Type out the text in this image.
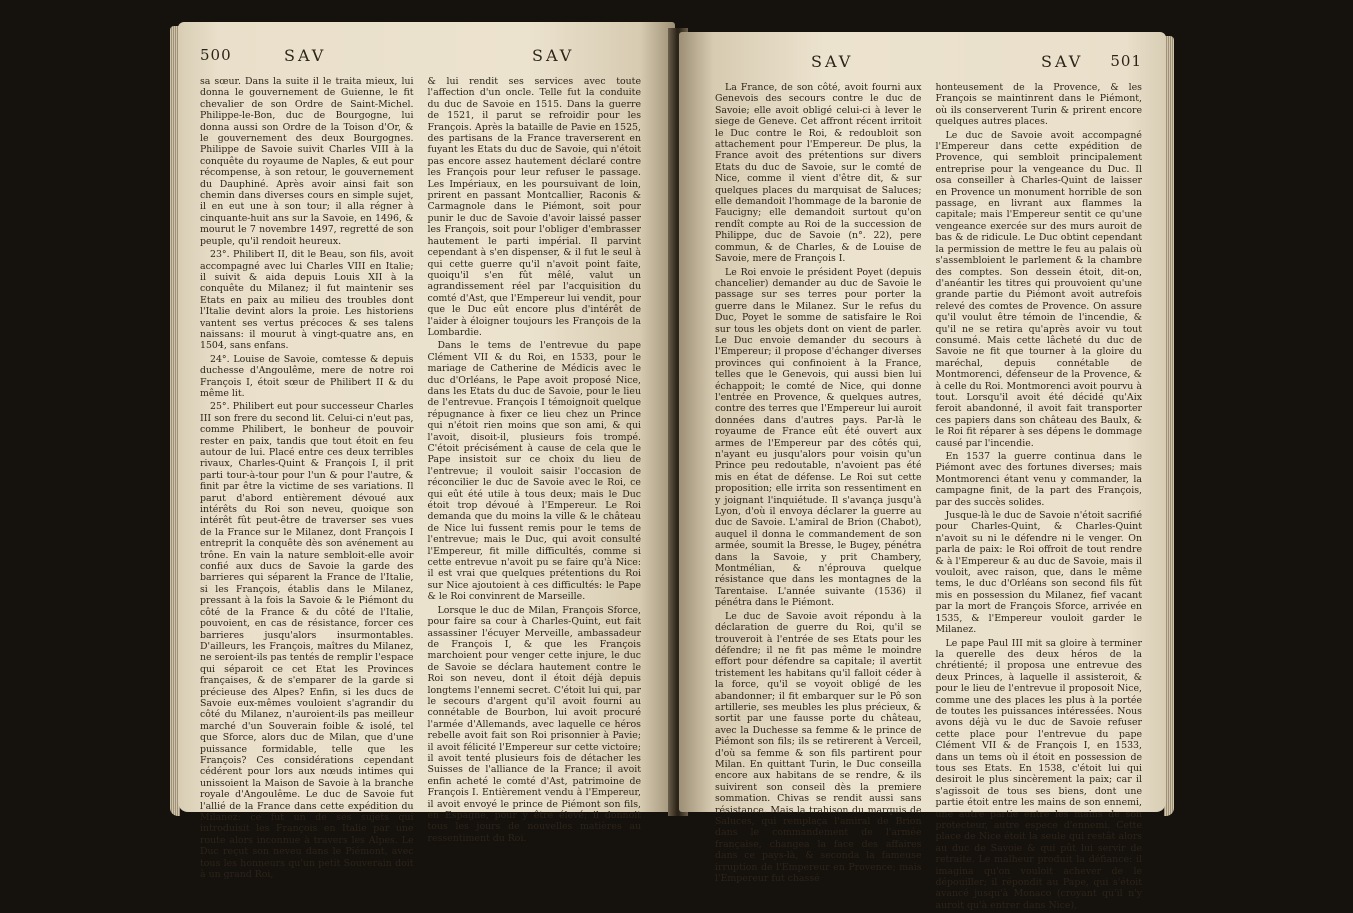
500	SAV	SAV

sa sœur. Dans la suite il le traita mieux, lui donna le gouvernement de Guienne, le fit chevalier de son Ordre de Saint-Michel. Philippe-le-Bon, duc de Bourgogne, lui donna aussi son Ordre de la Toison d'Or, & le gouvernement des deux Bourgognes. Philippe de Savoie suivit Charles VIII à la conquête du royaume de Naples, & eut pour récompense, à son retour, le gouvernement du Dauphiné. Après avoir ainsi fait son chemin dans diverses cours en simple sujet, il en eut une à son tour; il alla régner à cinquante-huit ans sur la Savoie, en 1496, & mourut le 7 novembre 1497, regretté de son peuple, qu'il rendoit heureux.

23°. Philibert II, dit le Beau, son fils, avoit accompagné avec lui Charles VIII en Italie; il suivit & aida depuis Louis XII à la conquête du Milanez; il fut maintenir ses Etats en paix au milieu des troubles dont l'Italie devint alors la proie. Les historiens vantent ses vertus précoces & ses talens naissans: il mourut à vingt-quatre ans, en 1504, sans enfans.

24°. Louise de Savoie, comtesse & depuis duchesse d'Angoulême, mere de notre roi François I, étoit sœur de Philibert II & du même lit.

25°. Philibert eut pour successeur Charles III son frere du second lit. Celui-ci n'eut pas, comme Philibert, le bonheur de pouvoir rester en paix, tandis que tout étoit en feu autour de lui. Placé entre ces deux terribles rivaux, Charles-Quint & François I, il prit parti tour-à-tour pour l'un & pour l'autre, & finit par être la victime de ses variations. Il parut d'abord entièrement dévoué aux intérêts du Roi son neveu, quoique son intérêt fût peut-être de traverser ses vues de la France sur le Milanez, dont François I entreprit la conquête dès son avénement au trône. En vain la nature sembloit-elle avoir confié aux ducs de Savoie la garde des barrieres qui séparent la France de l'Italie, si les François, établis dans le Milanez, pressant à la fois la Savoie & le Piémont du côté de la France & du côté de l'Italie, pouvoient, en cas de résistance, forcer ces barrieres jusqu'alors insurmontables. D'ailleurs, les François, maîtres du Milanez, ne seroient-ils pas tentés de remplir l'espace qui séparoit ce cet Etat les Provinces françaises, & de s'emparer de la garde si précieuse des Alpes? Enfin, si les ducs de Savoie eux-mêmes vouloient s'agrandir du côté du Milanez, n'auroient-ils pas meilleur marché d'un Souverain foible & isolé, tel que Sforce, alors duc de Milan, que d'une puissance formidable, telle que les François? Ces considérations cependant cédérent pour lors aux nœuds intimes qui unissoient la Maison de Savoie à la branche royale d'Angoulême. Le duc de Savoie fut l'allié de la France dans cette expédition du Milanez: ce fut un de ses sujets qui introduisit les François en Italie par une route alors inconnue à travers les Alpes. Le Duc reçut son neveu dans le Piémont, avec tous les honneurs qu'un petit Souverain doit à un grand Roi,

& lui rendit ses services avec toute l'affection d'un oncle. Telle fut la conduite du duc de Savoie en 1515. Dans la guerre de 1521, il parut se refroidir pour les François. Après la bataille de Pavie en 1525, des partisans de la France traverserent en fuyant les Etats du duc de Savoie, qui n'étoit pas encore assez hautement déclaré contre les François pour leur refuser le passage. Les Impériaux, en les poursuivant de loin, prirent en passant Montcallier, Raconis & Carmagnole dans le Piémont, soit pour punir le duc de Savoie d'avoir laissé passer les François, soit pour l'obliger d'embrasser hautement le parti impérial. Il parvint cependant à s'en dispenser, & il fut le seul à qui cette guerre qu'il n'avoit point faite, quoiqu'il s'en fût mêlé, valut un agrandissement réel par l'acquisition du comté d'Ast, que l'Empereur lui vendit, pour que le Duc eût encore plus d'intérêt de l'aider à éloigner toujours les François de la Lombardie.

Dans le tems de l'entrevue du pape Clément VII & du Roi, en 1533, pour le mariage de Catherine de Médicis avec le duc d'Orléans, le Pape avoit proposé Nice, dans les Etats du duc de Savoie, pour le lieu de l'entrevue. François I témoignoit quelque répugnance à fixer ce lieu chez un Prince qui n'étoit rien moins que son ami, & qui l'avoit, disoit-il, plusieurs fois trompé. C'étoit précisément à cause de cela que le Pape insistoit sur ce choix du lieu de l'entrevue; il vouloit saisir l'occasion de réconcilier le duc de Savoie avec le Roi, ce qui eût été utile à tous deux; mais le Duc étoit trop dévoué à l'Empereur. Le Roi demanda que du moins la ville & le château de Nice lui fussent remis pour le tems de l'entrevue; mais le Duc, qui avoit consulté l'Empereur, fit mille difficultés, comme si cette entrevue n'avoit pu se faire qu'à Nice: il est vrai que quelques prétentions du Roi sur Nice ajoutoient à ces difficultés: le Pape & le Roi convinrent de Marseille.

Lorsque le duc de Milan, François Sforce, pour faire sa cour à Charles-Quint, eut fait assassiner l'écuyer Merveille, ambassadeur de François I, & que les François marchoient pour venger cette injure, le duc de Savoie se déclara hautement contre le Roi son neveu, dont il étoit déjà depuis longtems l'ennemi secret. C'étoit lui qui, par le secours d'argent qu'il avoit fourni au connétable de Bourbon, lui avoit procuré l'armée d'Allemands, avec laquelle ce héros rebelle avoit fait son Roi prisonnier à Pavie; il avoit félicité l'Empereur sur cette victoire; il avoit tenté plusieurs fois de détacher les Suisses de l'alliance de la France; il avoit enfin acheté le comté d'Ast, patrimoine de François I. Entièrement vendu à l'Empereur, il avoit envoyé le prince de Piémont son fils, en Espagne, pour y être élevé; il donnoit tous les jours de nouvelles matières au ressentiment du Roi.

SAV	SAV 501

La France, de son côté, avoit fourni aux Genevois des secours contre le duc de Savoie; elle avoit obligé celui-ci à lever le siege de Geneve. Cet affront récent irritoit le Duc contre le Roi, & redoubloit son attachement pour l'Empereur. De plus, la France avoit des prétentions sur divers Etats du duc de Savoie, sur le comté de Nice, comme il vient d'être dit, & sur quelques places du marquisat de Saluces; elle demandoit l'hommage de la baronie de Faucigny; elle demandoit surtout qu'on rendît compte au Roi de la succession de Philippe, duc de Savoie (n°. 22), pere commun, & de Charles, & de Louise de Savoie, mere de François I.

Le Roi envoie le président Poyet (depuis chancelier) demander au duc de Savoie le passage sur ses terres pour porter la guerre dans le Milanez. Sur le refus du Duc, Poyet le somme de satisfaire le Roi sur tous les objets dont on vient de parler. Le Duc envoie demander du secours à l'Empereur; il propose d'échanger diverses provinces qui confinoient à la France, telles que le Genevois, qui aussi bien lui échappoit; le comté de Nice, qui donne l'entrée en Provence, & quelques autres, contre des terres que l'Empereur lui auroit données dans d'autres pays. Par-là le royaume de France eût été ouvert aux armes de l'Empereur par des côtés qui, n'ayant eu jusqu'alors pour voisin qu'un Prince peu redoutable, n'avoient pas été mis en état de défense. Le Roi sut cette proposition; elle irrita son ressentiment en y joignant l'inquiétude. Il s'avança jusqu'à Lyon, d'où il envoya déclarer la guerre au duc de Savoie. L'amiral de Brion (Chabot), auquel il donna le commandement de son armée, soumit la Bresse, le Bugey, pénétra dans la Savoie, y prit Chambery, Montmélian, & n'éprouva quelque résistance que dans les montagnes de la Tarentaise. L'année suivante (1536) il pénétra dans le Piémont.

Le duc de Savoie avoit répondu à la déclaration de guerre du Roi, qu'il se trouveroit à l'entrée de ses Etats pour les défendre; il ne fit pas même le moindre effort pour défendre sa capitale; il avertit tristement les habitans qu'il falloit céder à la force, qu'il se voyoit obligé de les abandonner; il fit embarquer sur le Pô son artillerie, ses meubles les plus précieux, & sortit par une fausse porte du château, avec la Duchesse sa femme & le prince de Piémont son fils; ils se retirerent à Verceil, d'où sa femme & son fils partirent pour Milan. En quittant Turin, le Duc conseilla encore aux habitans de se rendre, & ils suivirent son conseil dès la premiere sommation. Chivas se rendit aussi sans résistance. Mais la trahison du marquis de Saluces, qui remplaça l'amiral de Brion dans le commandement de l'armée française, changea la face des affaires dans ce pays-là, & seconda la fameuse irruption de l'Empereur en Provence; mais l'Empereur fut chassé

honteusement de la Provence, & les François se maintinrent dans le Piémont, où ils conserverent Turin & prirent encore quelques autres places.

Le duc de Savoie avoit accompagné l'Empereur dans cette expédition de Provence, qui sembloit principalement entreprise pour la vengeance du Duc. Il osa conseiller à Charles-Quint de laisser en Provence un monument horrible de son passage, en livrant aux flammes la capitale; mais l'Empereur sentit ce qu'une vengeance exercée sur des murs auroit de bas & de ridicule. Le Duc obtint cependant la permission de mettre le feu au palais où s'assembloient le parlement & la chambre des comptes. Son dessein étoit, dit-on, d'anéantir les titres qui prouvoient qu'une grande partie du Piémont avoit autrefois relevé des comtes de Provence. On assure qu'il voulut être témoin de l'incendie, & qu'il ne se retira qu'après avoir vu tout consumé. Mais cette lâcheté du duc de Savoie ne fit que tourner à la gloire du maréchal, depuis connétable de Montmorenci, défenseur de la Provence, & à celle du Roi. Montmorenci avoit pourvu à tout. Lorsqu'il avoit été décidé qu'Aix feroit abandonné, il avoit fait transporter ces papiers dans son château des Baulx, & le Roi fit réparer à ses dépens le dommage causé par l'incendie.

En 1537 la guerre continua dans le Piémont avec des fortunes diverses; mais Montmorenci étant venu y commander, la campagne finit, de la part des François, par des succès solides.

Jusque-là le duc de Savoie n'étoit sacrifié pour Charles-Quint, & Charles-Quint n'avoit su ni le défendre ni le venger. On parla de paix: le Roi offroit de tout rendre & à l'Empereur & au duc de Savoie, mais il vouloit, avec raison, que, dans le même tems, le duc d'Orléans son second fils fût mis en possession du Milanez, fief vacant par la mort de François Sforce, arrivée en 1535, & l'Empereur vouloit garder le Milanez.

Le pape Paul III mit sa gloire à terminer la querelle des deux héros de la chrétienté; il proposa une entrevue des deux Princes, à laquelle il assisteroit, & pour le lieu de l'entrevue il proposoit Nice, comme une des places les plus à la portée de toutes les puissances intéressées. Nous avons déjà vu le duc de Savoie refuser cette place pour l'entrevue du pape Clément VII & de François I, en 1533, dans un tems où il étoit en possession de tous ses Etats. En 1538, c'étoit lui qui desiroit le plus sincèrement la paix; car il s'agissoit de tous ses biens, dont une partie étoit entre les mains de son ennemi, une autre partie entre les mains de son protecteur, autre espece d'ennemi. Cette place de Nice étoit la seule qui restât alors au duc de Savoie & qui pût lui servir de retraite. Le malheur produit la défiance: il imagina qu'on vouloit achever de le dépouiller; il répondit au Pape, qui s'étoit avancé jusqu'à Monaco (croyant qu'il n'y auroit qu'à entrer dans Nice),
